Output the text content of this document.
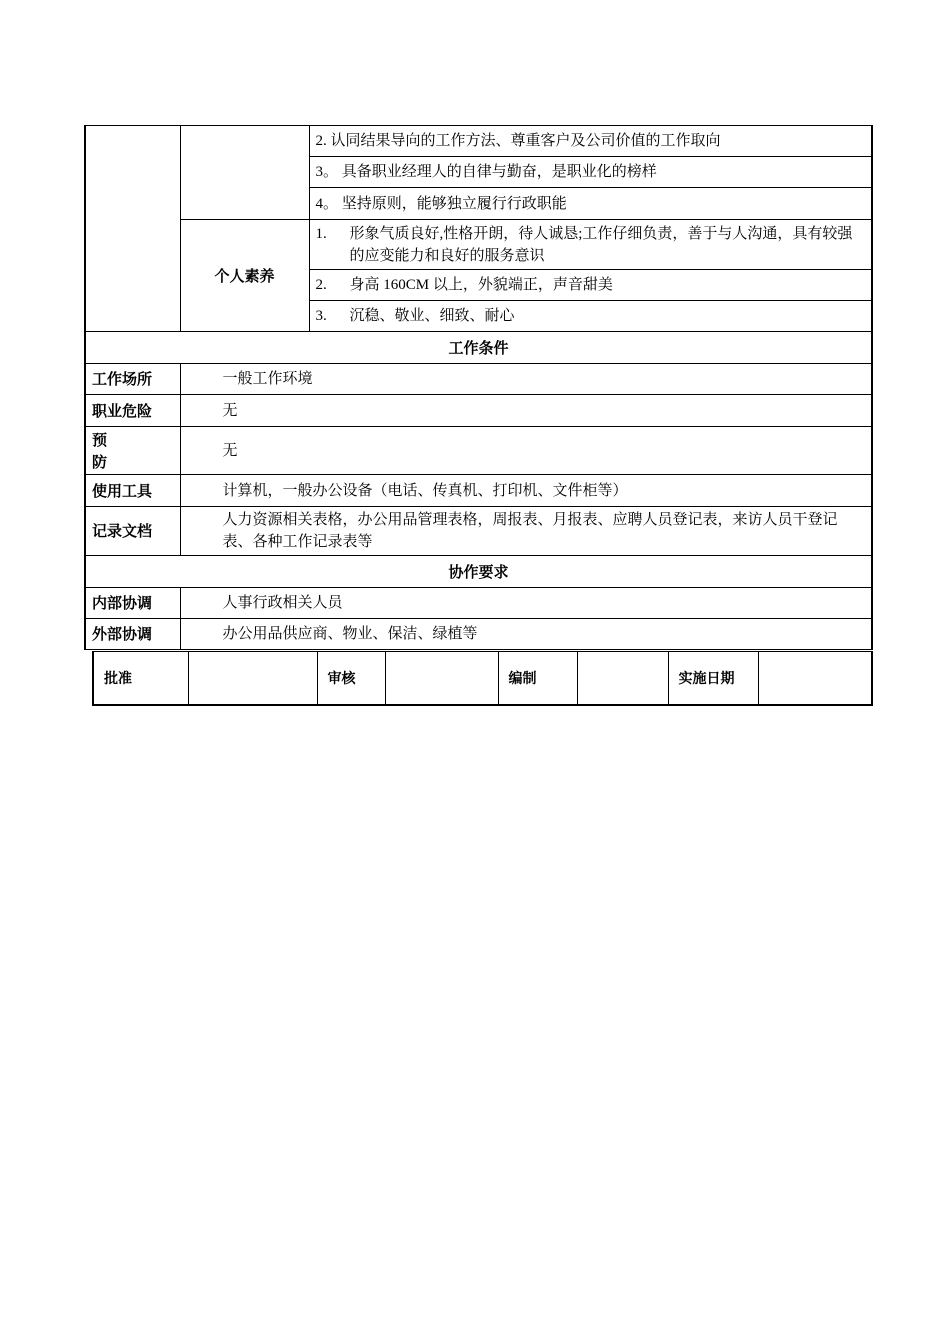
		2. 认同结果导向的工作方法、尊重客户及公司价值的工作取向
		3。 具备职业经理人的自律与勤奋，是职业化的榜样
		4。 坚持原则，能够独立履行行政职能
	个人素养	1. 形象气质良好,性格开朗，待人诚恳;工作仔细负责，善于与人沟通，具有较强的应变能力和良好的服务意识

		2. 身高 160CM 以上，外貌端正，声音甜美

		3. 沉稳、敬业、细致、耐心

工作条件		
工作场所	一般工作环境	
职业危险	无	

预
防	无	
使用工具	计算机，一般办公设备（电话、传真机、打印机、文件柜等）	
记录文档	人力资源相关表格，办公用品管理表格，周报表、月报表、应聘人员登记表，来访人员干登记表、各种工作记录表等	
协作要求		
内部协调	人事行政相关人员	
外部协调	办公用品供应商、物业、保洁、绿植等	
批准		审核		编制		实施日期	
